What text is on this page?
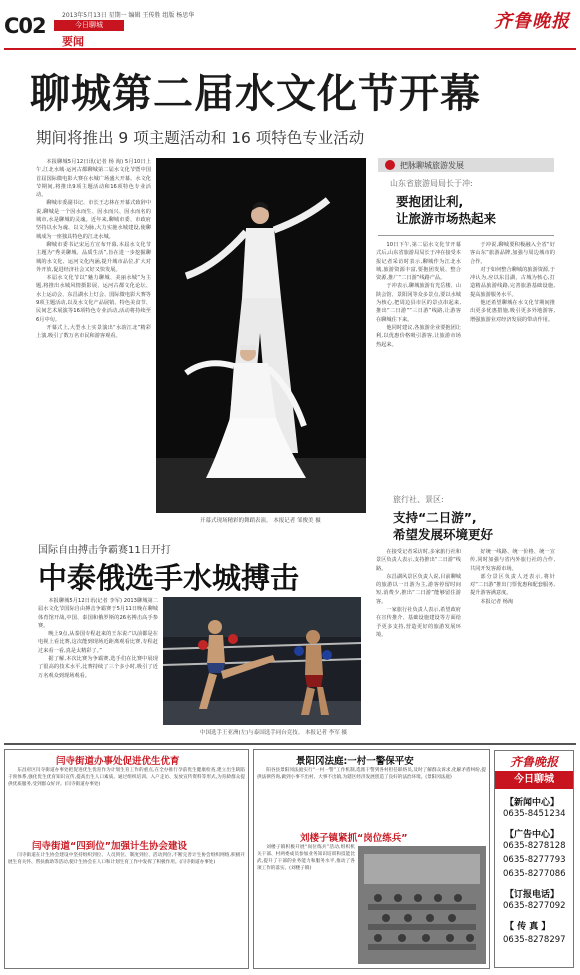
C02	2013年5月13日 星期一 编辑 王传胜 组版 杨思华
今日聊城
要闻
齐鲁晚报
聊城第二届水文化节开幕
期间将推出 9 项主题活动和 16 项特色专业活动

本报聊城5月12日讯(记者 杨 淘) 5月10日上午,江北水城·运河古都聊城第二届水文化节暨中国首届国际微电影大赛在水城广场盛大开幕。水文化节期间,将推出9项主题活动和16项特色专业活动。

聊城市委副书记、市长王志林在开幕式致辞中说,聊城是一个因水而生、因水而兴、因水而名的城市,水是聊城的灵魂。近年来,聊城市委、市政府坚持以水为魂、以文为脉,大力实施水城建设,使聊城成为一座独具特色的江北水城。

聊城市委书记宋远方宣布开幕,本届水文化节主题为“秀美聊城、品质生活”,旨在进一步挖掘聊城的水文化、运河文化内涵,提升城市品位,扩大对外开放,促进经济社会又好又快发展。

本届水文化节以“魅力聊城、美丽水城”为主题,将推出水城风情摄影展、运河古都文化论坛、水上运动会、东昌湖水上灯会、国际微电影大赛等9项主题活动,以及水文化产品展销、特色美食节、民间艺术展演等16项特色专业活动,活动将持续至6月中旬。

开幕式上,大型水上实景演出“水韵江北”精彩上演,吸引了数万名市民和游客观看。

开幕式现场精彩的舞蹈表演。 本报记者 邹俊美 摄
把脉聊城旅游发展
山东省旅游局局长于冲:
要抱团让利,
让旅游市场热起来

10日下午,第二届水文化节开幕式后,山东省旅游局局长于冲在接受本报记者采访时表示,聊城作为江北水城,旅游资源丰富,要抱团发展、整合资源,推广“二日游”线路产品。

于冲表示,聊城旅游有光岳楼、山陕会馆、景阳冈等众多景点,要以水城为核心,把周边县市区的景点串起来,推出“二日游”“三日游”线路,让游客在聊城住下来。

他同时建议,各旅游企业要抱团让利,以优惠价格吸引游客,让旅游市场热起来。

于冲说,聊城要积极融入全省“好客山东”旅游品牌,加强与周边城市的合作。

对于如何整合聊城的旅游资源,于冲认为,应以东昌湖、古城为核心,打造精品旅游线路,完善旅游基础设施,提高旅游服务水平。

他还希望聊城在水文化节期间推出更多优惠措施,吸引更多外地游客,增强旅游业对经济发展的带动作用。

旅行社、景区:
支持“二日游”,
希望发展环境更好

在接受记者采访时,多家旅行社和景区负责人表示,支持推出“二日游”线路。

东昌湖风景区负责人说,目前聊城的旅游以一日游为主,游客停留时间短,消费少,推出“二日游”能够留住游客。

一家旅行社负责人表示,希望政府在宣传推介、基础设施建设等方面给予更多支持,营造更好的旅游发展环境。

好统一线路、统一价格、统一宣传,同时加强与省内外旅行社的合作,共同开发客源市场。

部分景区负责人还表示,将针对“二日游”推出门票优惠和配套服务,提升游客满意度。

本报记者 杨淘

国际自由搏击争霸赛11日开打
中泰俄选手水城搏击

本报聊城5月12日讯(记者 李军) 2013聊城第二届水文化节国际自由搏击争霸赛于5月11日晚在聊城体育馆开战,中国、泰国和俄罗斯的26名搏击高手参赛。

晚上9点,从泰国专程赶来的王东说:“以前都是在电视上看比赛,这次能到现场近距离观看比赛,专程赶过来看一看,真是太精彩了。”

据了解,本次比赛为争霸赛,选手们在比赛中展现了很高的技术水平,比赛持续了三个多小时,吸引了近万名观众到现场观看。

中国选手王亚洲(左)与泰国选手同台竞技。 本报记者 李军 摄
闫寺街道办事处促进优生优育

东昌府区闫寺街道办事处把促进优生优育作为计划生育工作的重点,在全办推行孕前优生健康检查,建立出生缺陷干预体系,强化优生优育知识宣传,提高出生人口素质。通过组织培训、入户走访、发放宣传资料等形式,为育龄群众提供优质服务,受到群众好评。(闫寺街道办事处)

闫寺街道“四到位”加强计生协会建设

闫寺街道在计生协会建设中坚持组织到位、人员到位、制度到位、活动到位,不断完善计生协会组织网络,积极开展生育关怀、帮扶救助等活动,使计生协会在人口和计划生育工作中发挥了积极作用。(闫寺街道办事处)

景阳冈法庭:一村一警保平安

阳谷县景阳冈法庭实行“一村一警”工作机制,选派干警到各村担任联络员,及时了解群众诉求,化解矛盾纠纷,提供法律咨询,做到小事不出村、大事不出镇,为辖区经济发展创造了良好的法治环境。(景阳冈法庭)

刘楼子镇紧抓“岗位练兵”

刘楼子镇积极开展“岗位练兵”活动,组织机关干部、村两委成员参加业务知识培训和技能比武,提升了干部的业务能力和服务水平,推动了各项工作的落实。(刘楼子镇)

齐鲁晚报
今日聊城
【新闻中心】
0635-8451234
【广告中心】
0635-8278128
0635-8277793
0635-8277086
【订报电话】
0635-8277092
【 传 真 】
0635-8278297
